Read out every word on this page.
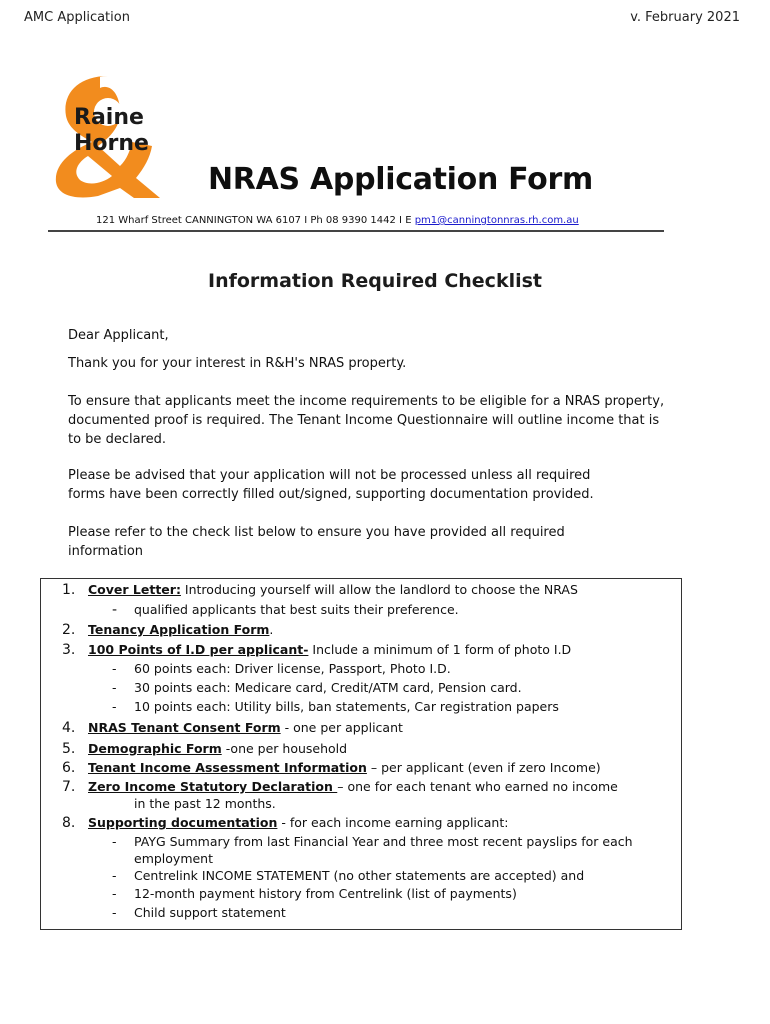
AMC Application	v. February 2021
Raine
Horne
NRAS Application Form
121 Wharf Street CANNINGTON WA 6107 I Ph 08 9390 1442 I E pm1@canningtonnras.rh.com.au
Information Required Checklist
Dear Applicant,
Thank you for your interest in R&H's NRAS property.
To ensure that applicants meet the income requirements to be eligible for a NRAS property, documented proof is required. The Tenant Income Questionnaire will outline income that is to be declared.
Please be advised that your application will not be processed unless all required
forms have been correctly filled out/signed, supporting documentation provided.
Please refer to the check list below to ensure you have provided all required
information
1. Cover Letter: Introducing yourself will allow the landlord to choose the NRAS
- qualified applicants that best suits their preference.
2. Tenancy Application Form.
3. 100 Points of I.D per applicant- Include a minimum of 1 form of photo I.D
- 60 points each: Driver license, Passport, Photo I.D.
- 30 points each: Medicare card, Credit/ATM card, Pension card.
- 10 points each: Utility bills, ban statements, Car registration papers
4. NRAS Tenant Consent Form - one per applicant
5. Demographic Form -one per household
6. Tenant Income Assessment Information – per applicant (even if zero Income)
7. Zero Income Statutory Declaration – one for each tenant who earned no income
in the past 12 months.
8. Supporting documentation - for each income earning applicant:
- PAYG Summary from last Financial Year and three most recent payslips for each
employment
- Centrelink INCOME STATEMENT (no other statements are accepted) and
- 12-month payment history from Centrelink (list of payments)
- Child support statement
